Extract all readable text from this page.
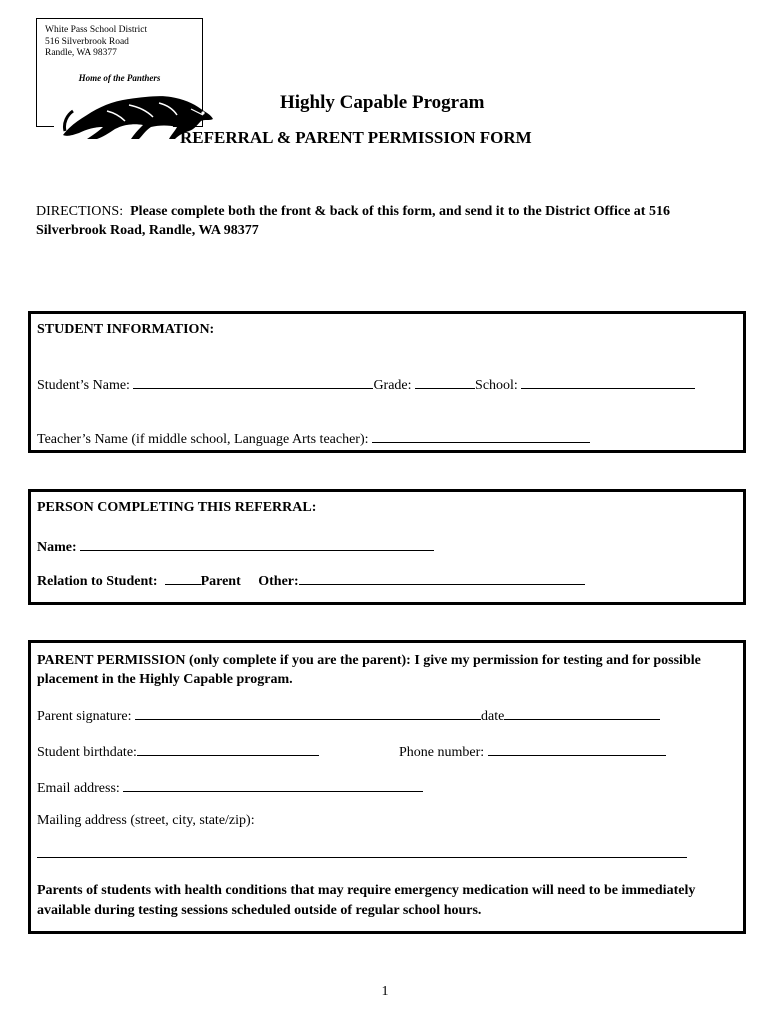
White Pass School District
516 Silverbrook Road
Randle, WA 98377
Home of the Panthers
Highly Capable Program
REFERRAL & PARENT PERMISSION FORM
DIRECTIONS: Please complete both the front & back of this form, and send it to the District Office at 516 Silverbrook Road, Randle, WA 98377
STUDENT INFORMATION:
Student’s Name:	Grade:	School:
Teacher’s Name (if middle school, Language Arts teacher):
PERSON COMPLETING THIS REFERRAL:
Name:
Relation to Student:	Parent Other:
PARENT PERMISSION (only complete if you are the parent): I give my permission for testing and for possible placement in the Highly Capable program.
Parent signature:	date
Student birthdate:	Phone number:
Email address:
Mailing address (street, city, state/zip):
Parents of students with health conditions that may require emergency medication will need to be immediately available during testing sessions scheduled outside of regular school hours.
1
